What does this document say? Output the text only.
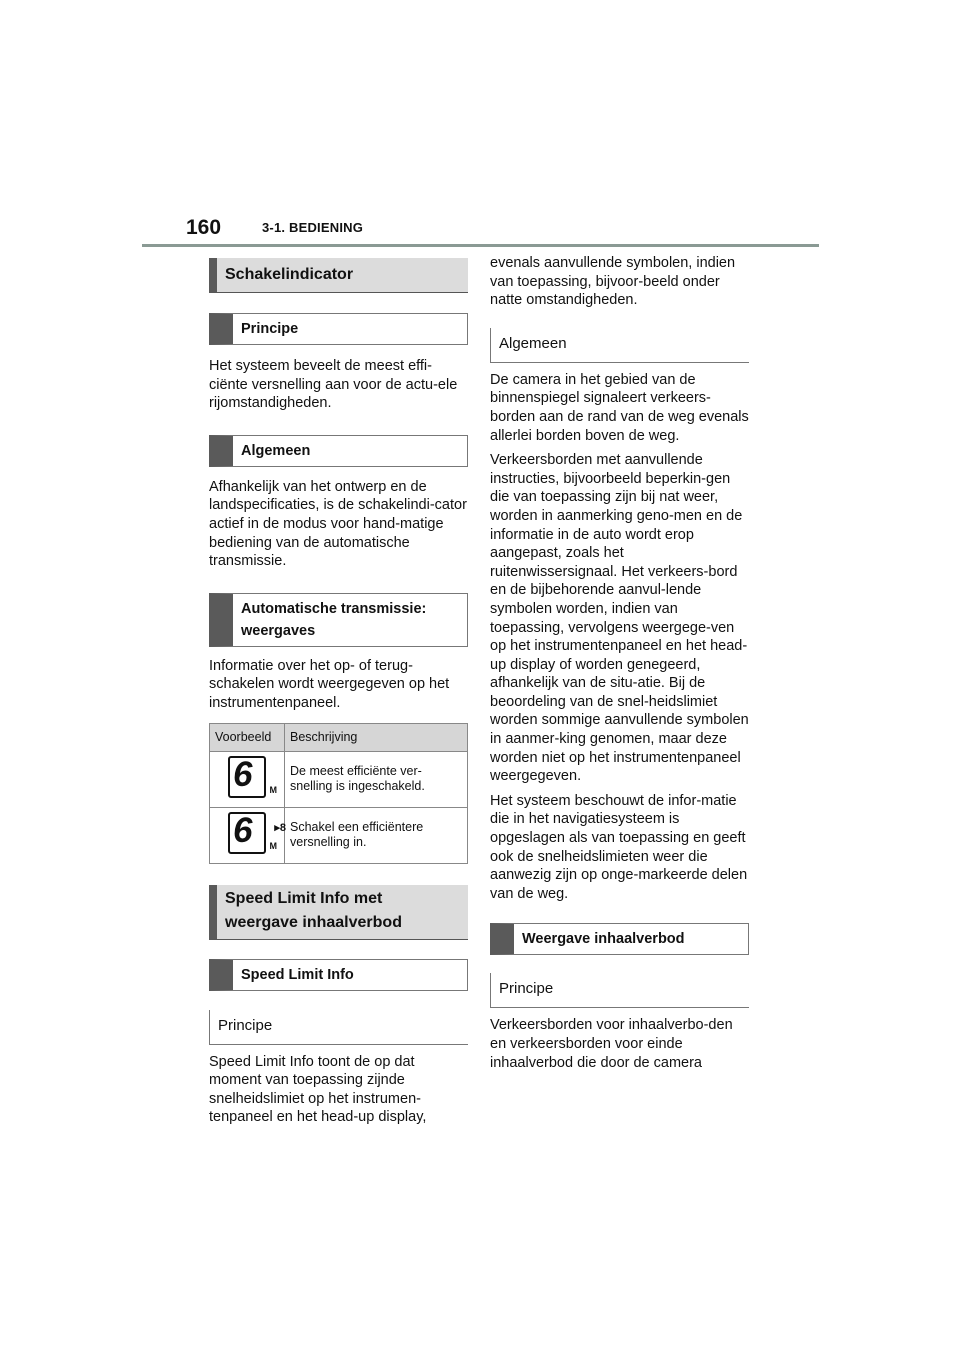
160	3-1. BEDIENING
Schakelindicator
Principe

Het systeem beveelt de meest effi-ciënte versnelling aan voor de actu-ele rijomstandigheden.

Algemeen

Afhankelijk van het ontwerp en de landspecificaties, is de schakelindi-cator actief in de modus voor hand-matige bediening van de automatische transmissie.

Automatische transmissie:
weergaves

Informatie over het op- of terug-schakelen wordt weergegeven op het instrumentenpaneel.

Voorbeeld	Beschrijving

6 M	De meest efficiënte ver-snelling is ingeschakeld.

6 ▸8
M	Schakel een efficiëntere versnelling in.
Speed Limit Info met
weergave inhaalverbod
Speed Limit Info
Principe

Speed Limit Info toont de op dat moment van toepassing zijnde snelheidslimiet op het instrumen-tenpaneel en het head-up display,

evenals aanvullende symbolen, indien van toepassing, bijvoor-beeld onder natte omstandigheden.

Algemeen

De camera in het gebied van de binnenspiegel signaleert verkeers-borden aan de rand van de weg evenals allerlei borden boven de weg.

Verkeersborden met aanvullende instructies, bijvoorbeeld beperkin-gen die van toepassing zijn bij nat weer, worden in aanmerking geno-men en de informatie in de auto wordt erop aangepast, zoals het ruitenwissersignaal. Het verkeers-bord en de bijbehorende aanvul-lende symbolen worden, indien van toepassing, vervolgens weergege-ven op het instrumentenpaneel en het head-up display of worden genegeerd, afhankelijk van de situ-atie. Bij de beoordeling van de snel-heidslimiet worden sommige aanvullende symbolen in aanmer-king genomen, maar deze worden niet op het instrumentenpaneel weergegeven.

Het systeem beschouwt de infor-matie die in het navigatiesysteem is opgeslagen als van toepassing en geeft ook de snelheidslimieten weer die aanwezig zijn op onge-markeerde delen van de weg.

Weergave inhaalverbod
Principe

Verkeersborden voor inhaalverbo-den en verkeersborden voor einde inhaalverbod die door de camera
